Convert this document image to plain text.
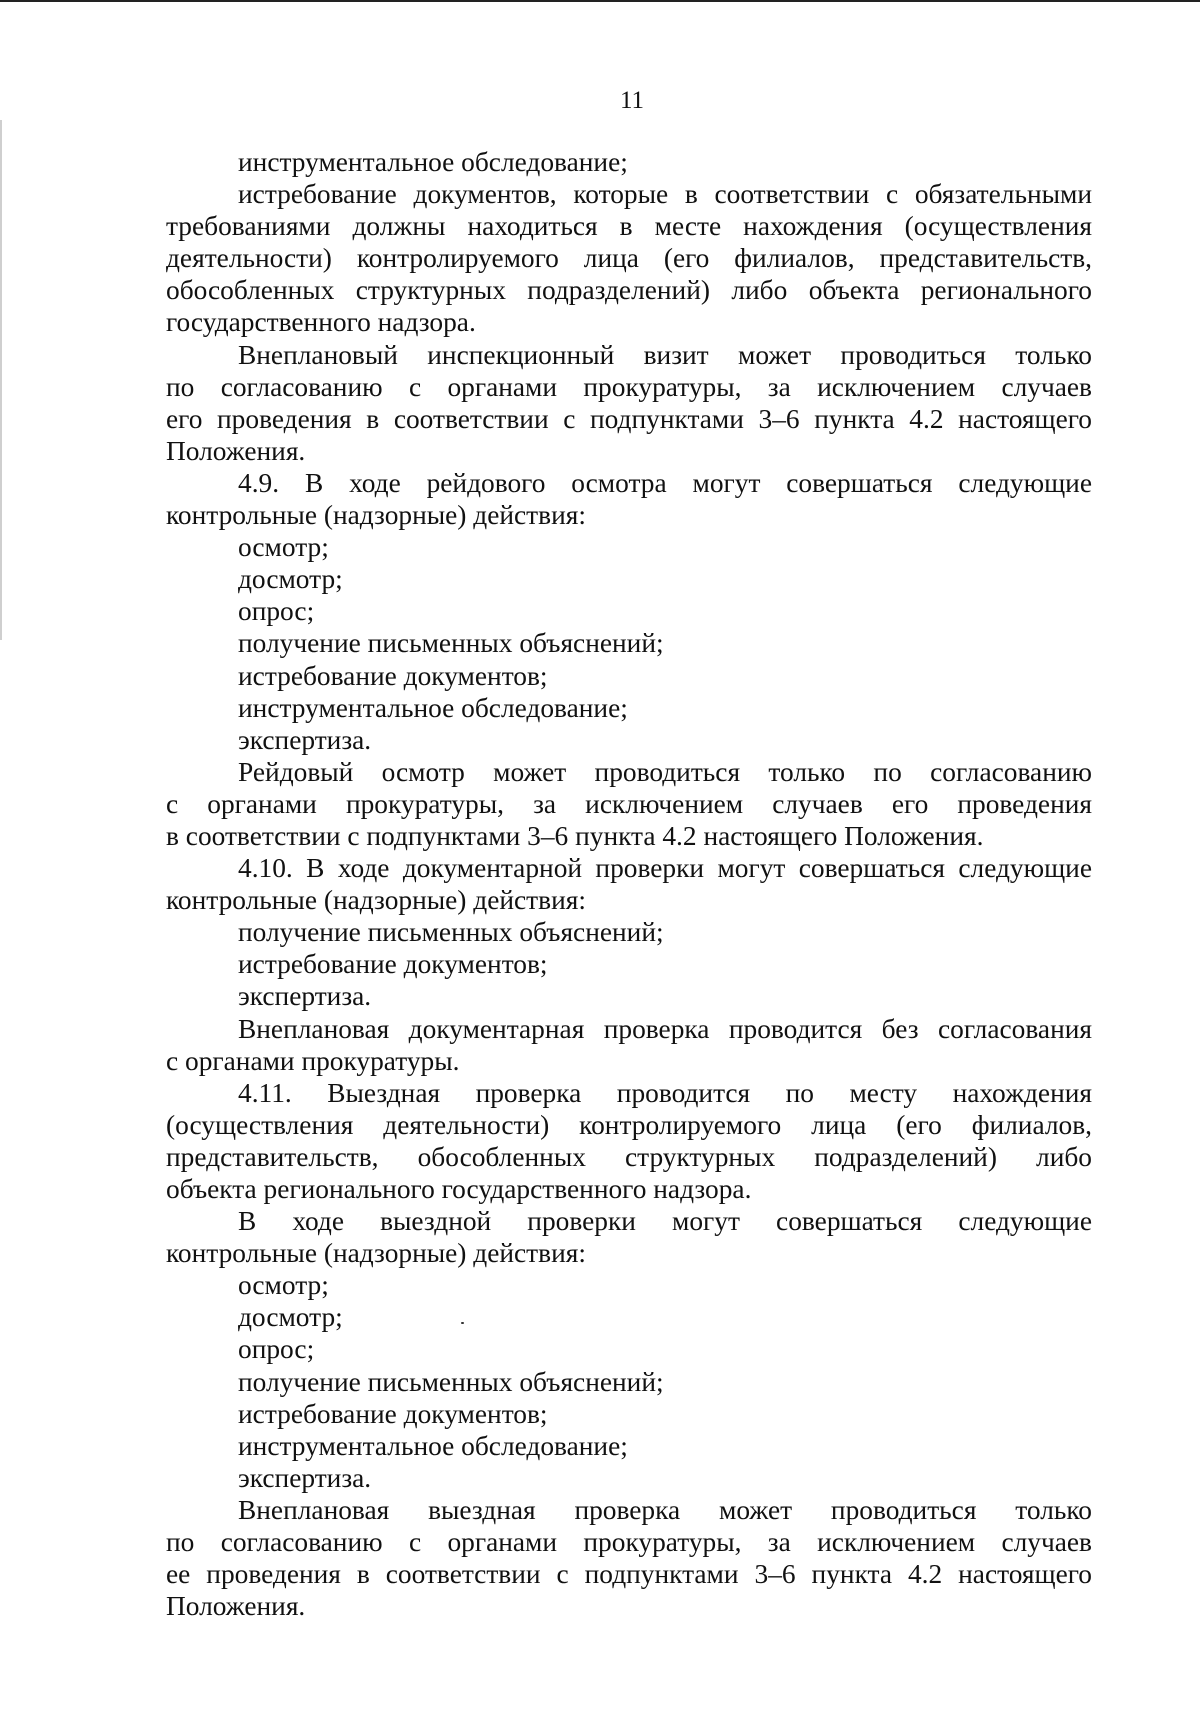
11
инструментальное обследование;
истребование документов, которые в соответствии с обязательными
требованиями должны находиться в месте нахождения (осуществления
деятельности) контролируемого лица (его филиалов, представительств,
обособленных структурных подразделений) либо объекта регионального
государственного надзора.
Внеплановый инспекционный визит может проводиться только
по согласованию с органами прокуратуры, за исключением случаев
его проведения в соответствии с подпунктами 3–6 пункта 4.2 настоящего
Положения.
4.9. В ходе рейдового осмотра могут совершаться следующие
контрольные (надзорные) действия:
осмотр;
досмотр;
опрос;
получение письменных объяснений;
истребование документов;
инструментальное обследование;
экспертиза.
Рейдовый осмотр может проводиться только по согласованию
с органами прокуратуры, за исключением случаев его проведения
в соответствии с подпунктами 3–6 пункта 4.2 настоящего Положения.
4.10. В ходе документарной проверки могут совершаться следующие
контрольные (надзорные) действия:
получение письменных объяснений;
истребование документов;
экспертиза.
Внеплановая документарная проверка проводится без согласования
с органами прокуратуры.
4.11. Выездная проверка проводится по месту нахождения
(осуществления деятельности) контролируемого лица (его филиалов,
представительств, обособленных структурных подразделений) либо
объекта регионального государственного надзора.
В ходе выездной проверки могут совершаться следующие
контрольные (надзорные) действия:
осмотр;
досмотр;
опрос;
получение письменных объяснений;
истребование документов;
инструментальное обследование;
экспертиза.
Внеплановая выездная проверка может проводиться только
по согласованию с органами прокуратуры, за исключением случаев
ее проведения в соответствии с подпунктами 3–6 пункта 4.2 настоящего
Положения.
